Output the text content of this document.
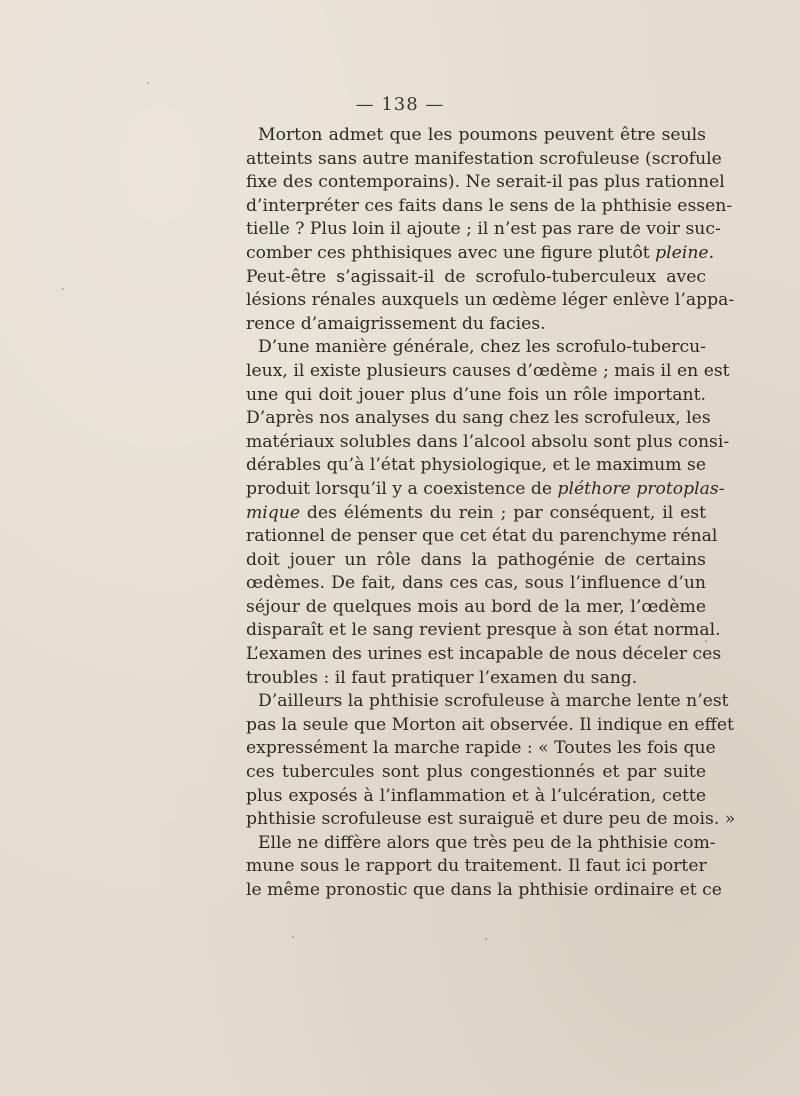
— 138 —
Morton admet que les poumons peuvent être seuls
atteints sans autre manifestation scrofuleuse (scrofule
fixe des contemporains). Ne serait-il pas plus rationnel
d’interpréter ces faits dans le sens de la phthisie essen-
tielle ? Plus loin il ajoute ; il n’est pas rare de voir suc-
comber ces phthisiques avec une figure plutôt pleine.
Peut-être s’agissait-il de scrofulo-tuberculeux avec
lésions rénales auxquels un œdème léger enlève l’appa-
rence d’amaigrissement du facies.
D’une manière générale, chez les scrofulo-tubercu-
leux, il existe plusieurs causes d’œdème ; mais il en est
une qui doit jouer plus d’une fois un rôle important.
D’après nos analyses du sang chez les scrofuleux, les
matériaux solubles dans l’alcool absolu sont plus consi-
dérables qu’à l’état physiologique, et le maximum se
produit lorsqu’il y a coexistence de pléthore protoplas-
mique des éléments du rein ; par conséquent, il est
rationnel de penser que cet état du parenchyme rénal
doit jouer un rôle dans la pathogénie de certains
œdèmes. De fait, dans ces cas, sous l’influence d’un
séjour de quelques mois au bord de la mer, l’œdème
disparaît et le sang revient presque à son état normal.
L’examen des urines est incapable de nous déceler ces
troubles : il faut pratiquer l’examen du sang.
D’ailleurs la phthisie scrofuleuse à marche lente n’est
pas la seule que Morton ait observée. Il indique en effet
expressément la marche rapide : « Toutes les fois que
ces tubercules sont plus congestionnés et par suite
plus exposés à l’inflammation et à l’ulcération, cette
phthisie scrofuleuse est suraiguë et dure peu de mois. »
Elle ne diffère alors que très peu de la phthisie com-
mune sous le rapport du traitement. Il faut ici porter
le même pronostic que dans la phthisie ordinaire et ce
